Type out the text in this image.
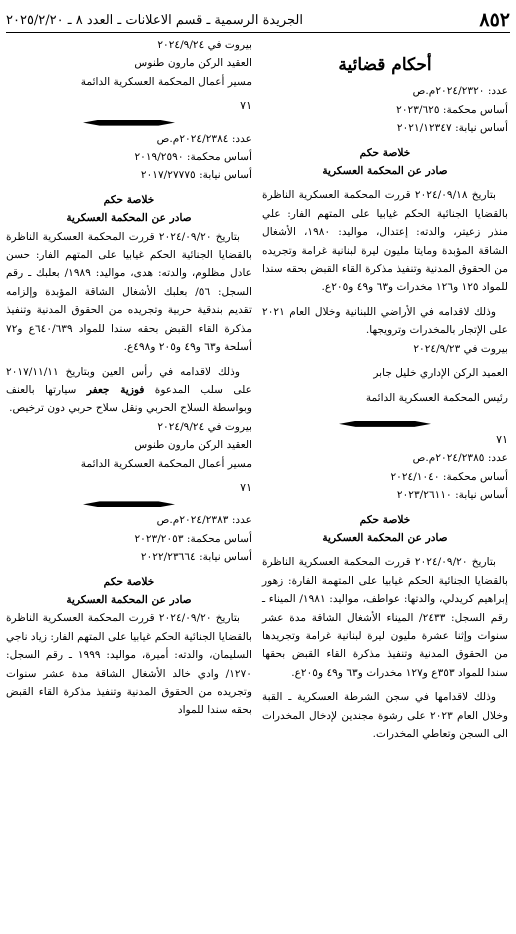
٨٥٢
الجريدة الرسمية ـ قسم الاعلانات ـ العدد ٨ ـ ٢٠٢٥/٢/٢٠
أحكام قضائية

عدد: ٢٠٢٤/٢٣٢٠م.ص

أساس محكمة: ٢٠٢٣/٦٢٥

أساس نيابة: ٢٠٢١/١٢٣٤٧

خلاصة حكم

صادر عن المحكمة العسكرية

بتاريخ ٢٠٢٤/٠٩/١٨ قررت المحكمة العسكرية الناظرة بالقضايا الجنائية الحكم غيابيا على المتهم الفار: علي منذر زعيتر، والدته: إعتدال، مواليد: ١٩٨٠، الأشغال الشاقة المؤبدة ومايتا مليون ليرة لبنانية غرامة وتجريده من الحقوق المدنية وتنفيذ مذكرة القاء القبض بحقه سندا للمواد ١٢٥ و١٢٦ مخدرات و٦٣ و٤٩ و٢٠٥ع.

وذلك لاقدامه في الأراضي اللبنانية وخلال العام ٢٠٢١ على الإتجار بالمخدرات وترويجها.

بيروت في ٢٠٢٤/٩/٢٣

العميد الركن الإداري خليل جابر

رئيس المحكمة العسكرية الدائمة

٧١

عدد: ٢٠٢٤/٢٣٨٥م.ص

أساس محكمة: ٢٠٢٤/١٠٤٠

أساس نيابة: ٢٠٢٣/٢٦١١٠

خلاصة حكم

صادر عن المحكمة العسكرية

بتاريخ ٢٠٢٤/٠٩/٢٠ قررت المحكمة العسكرية الناظرة بالقضايا الجنائية الحكم غيابيا على المتهمة الفارة: زهور إبراهيم كريدلي، والدتها: عواطف، مواليد: ١٩٨١/ الميناء ـ رقم السجل: ٢٤٣٣/ الميناء الأشغال الشاقة مدة عشر سنوات وإثنا عشرة مليون ليرة لبنانية غرامة وتجريدها من الحقوق المدنية وتنفيذ مذكرة القاء القبض بحقها سندا للمواد ٣٥٣ع و١٢٧ مخدرات و٦٣ و٤٩ و٢٠٥ع.

وذلك لاقدامها في سجن الشرطة العسكرية ـ القبة وخلال العام ٢٠٢٣ على رشوة مجندين لإدخال المخدرات الى السجن وتعاطي المخدرات.

بيروت في ٢٠٢٤/٩/٢٤

العقيد الركن مارون طنوس

مسير أعمال المحكمة العسكرية الدائمة

٧١

عدد: ٢٠٢٤/٢٣٨٤م.ص

أساس محكمة: ٢٠١٩/٢٥٩٠

أساس نيابة: ٢٠١٧/٢٧٧٧٥

خلاصة حكم

صادر عن المحكمة العسكرية

بتاريخ ٢٠٢٤/٠٩/٢٠ قررت المحكمة العسكرية الناظرة بالقضايا الجنائية الحكم غيابيا على المتهم الفار: حسن عادل مظلوم، والدته: هدى، مواليد: ١٩٨٩/ بعلبك ـ رقم السجل: ٥٦/ بعلبك الأشغال الشاقة المؤبدة وإلزامه تقديم بندقية حربية وتجريده من الحقوق المدنية وتنفيذ مذكرة القاء القبض بحقه سندا للمواد ٦٤٠/٦٣٩ع و٧٢ أسلحة و٦٣ و٤٩ و٢٠٥ و٤٩٨ع.

وذلك لاقدامه في رأس العين وبتاريخ ٢٠١٧/١١/١١ على سلب المدعوة فوزية جعفر سيارتها بالعنف وبواسطة السلاح الحربي ونقل سلاح حربي دون ترخيص.

بيروت في ٢٠٢٤/٩/٢٤

العقيد الركن مارون طنوس

مسير أعمال المحكمة العسكرية الدائمة

٧١

عدد: ٢٠٢٤/٢٣٨٣م.ص

أساس محكمة: ٢٠٢٣/٢٠٥٣

أساس نيابة: ٢٠٢٢/٢٣٦٦٤

خلاصة حكم

صادر عن المحكمة العسكرية

بتاريخ ٢٠٢٤/٠٩/٢٠ قررت المحكمة العسكرية الناظرة بالقضايا الجنائية الحكم غيابيا على المتهم الفار: زياد ناجي السليمان، والدته: أميرة، مواليد: ١٩٩٩ ـ رقم السجل: ١٢٧٠/ وادي خالد الأشغال الشاقة مدة عشر سنوات وتجريده من الحقوق المدنية وتنفيذ مذكرة القاء القبض بحقه سندا للمواد
